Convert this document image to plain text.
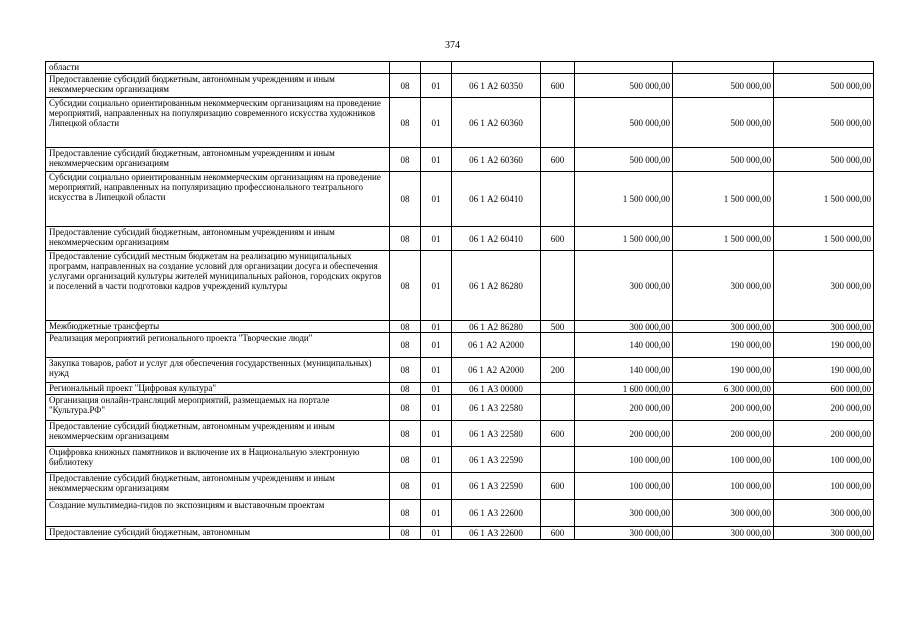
374
области							
Предоставление субсидий бюджетным, автономным учреждениям и иным некоммерческим организациям	08	01	06 1 А2 60350	600	500 000,00	500 000,00	500 000,00
Субсидии социально ориентированным некоммерческим организациям на проведение мероприятий, направленных на популяризацию современного искусства художников Липецкой области	08	01	06 1 А2 60360		500 000,00	500 000,00	500 000,00
Предоставление субсидий бюджетным, автономным учреждениям и иным некоммерческим организациям	08	01	06 1 А2 60360	600	500 000,00	500 000,00	500 000,00
Субсидии социально ориентированным некоммерческим организациям на проведение мероприятий, направленных на популяризацию профессионального театрального искусства в Липецкой области	08	01	06 1 А2 60410		1 500 000,00	1 500 000,00	1 500 000,00
Предоставление субсидий бюджетным, автономным учреждениям и иным некоммерческим организациям	08	01	06 1 А2 60410	600	1 500 000,00	1 500 000,00	1 500 000,00
Предоставление субсидий местным бюджетам на реализацию муниципальных программ, направленных на создание условий для организации досуга и обеспечения услугами организаций культуры жителей муниципальных районов, городских округов и поселений в части подготовки кадров учреждений культуры	08	01	06 1 А2 86280		300 000,00	300 000,00	300 000,00
Межбюджетные трансферты	08	01	06 1 А2 86280	500	300 000,00	300 000,00	300 000,00
Реализация мероприятий регионального проекта "Творческие люди"	08	01	06 1 А2 А2000		140 000,00	190 000,00	190 000,00
Закупка товаров, работ и услуг для обеспечения государственных (муниципальных) нужд	08	01	06 1 А2 А2000	200	140 000,00	190 000,00	190 000,00
Региональный проект "Цифровая культура"	08	01	06 1 А3 00000		1 600 000,00	6 300 000,00	600 000,00
Организация онлайн-трансляций мероприятий, размещаемых на портале "Культура.РФ"	08	01	06 1 А3 22580		200 000,00	200 000,00	200 000,00
Предоставление субсидий бюджетным, автономным учреждениям и иным некоммерческим организациям	08	01	06 1 А3 22580	600	200 000,00	200 000,00	200 000,00
Оцифровка книжных памятников и включение их в Национальную электронную библиотеку	08	01	06 1 А3 22590		100 000,00	100 000,00	100 000,00
Предоставление субсидий бюджетным, автономным учреждениям и иным некоммерческим организациям	08	01	06 1 А3 22590	600	100 000,00	100 000,00	100 000,00
Создание мультимедиа-гидов по экспозициям и выставочным проектам	08	01	06 1 А3 22600		300 000,00	300 000,00	300 000,00
Предоставление субсидий бюджетным, автономным	08	01	06 1 А3 22600	600	300 000,00	300 000,00	300 000,00
